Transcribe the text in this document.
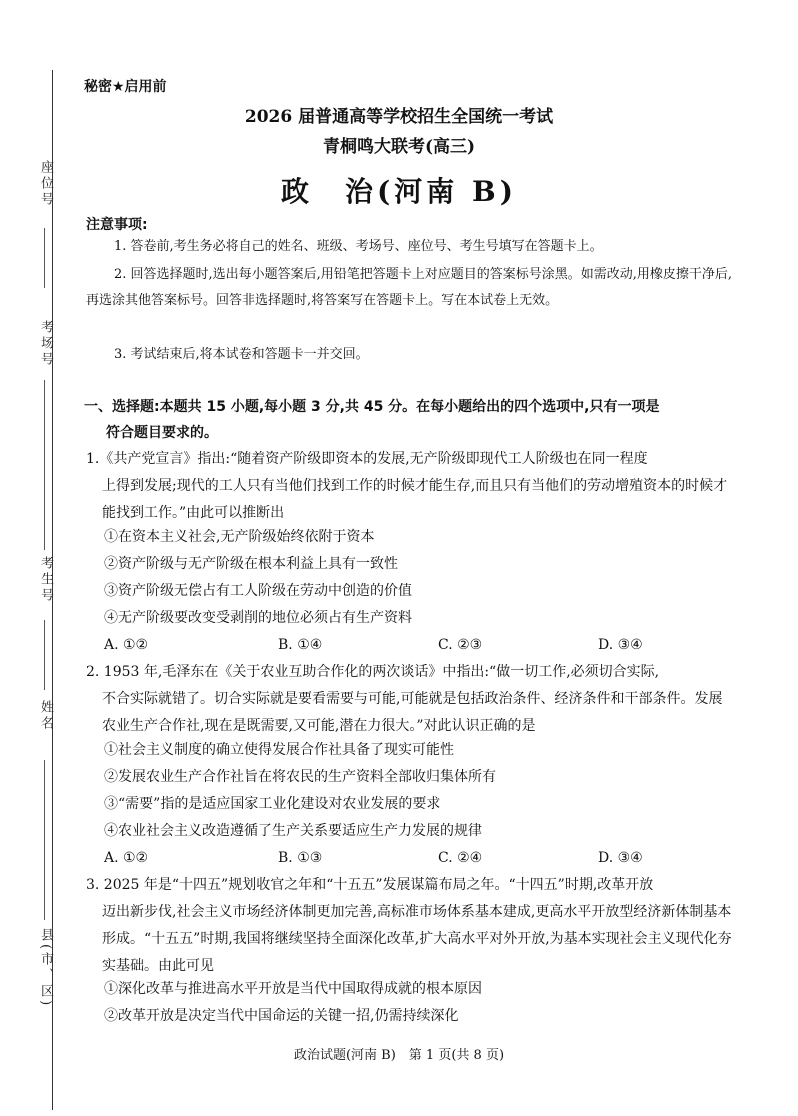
座位号
考场号
考生号
姓名
县(市、区)
秘密★启用前
2026 届普通高等学校招生全国统一考试
青桐鸣大联考(高三)
政　治(河南 B)
注意事项:
1. 答卷前,考生务必将自己的姓名、班级、考场号、座位号、考生号填写在答题卡上。
2. 回答选择题时,选出每小题答案后,用铅笔把答题卡上对应题目的答案标号涂黑。如需改动,用橡皮擦干净后,再选涂其他答案标号。回答非选择题时,将答案写在答题卡上。写在本试卷上无效。
3. 考试结束后,将本试卷和答题卡一并交回。
一、选择题:本题共 15 小题,每小题 3 分,共 45 分。在每小题给出的四个选项中,只有一项是
符合题目要求的。
1.《共产党宣言》指出:“随着资产阶级即资本的发展,无产阶级即现代工人阶级也在同一程度
上得到发展;现代的工人只有当他们找到工作的时候才能生存,而且只有当他们的劳动增殖资本的时候才能找到工作。”由此可以推断出
①在资本主义社会,无产阶级始终依附于资本
②资产阶级与无产阶级在根本利益上具有一致性
③资产阶级无偿占有工人阶级在劳动中创造的价值
④无产阶级要改变受剥削的地位必须占有生产资料
A. ①②	B. ①④	C. ②③	D. ③④
2. 1953 年,毛泽东在《关于农业互助合作化的两次谈话》中指出:“做一切工作,必须切合实际,
不合实际就错了。切合实际就是要看需要与可能,可能就是包括政治条件、经济条件和干部条件。发展农业生产合作社,现在是既需要,又可能,潜在力很大。”对此认识正确的是
①社会主义制度的确立使得发展合作社具备了现实可能性
②发展农业生产合作社旨在将农民的生产资料全部收归集体所有
③“需要”指的是适应国家工业化建设对农业发展的要求
④农业社会主义改造遵循了生产关系要适应生产力发展的规律
A. ①②	B. ①③	C. ②④	D. ③④
3. 2025 年是“十四五”规划收官之年和“十五五”发展谋篇布局之年。“十四五”时期,改革开放
迈出新步伐,社会主义市场经济体制更加完善,高标准市场体系基本建成,更高水平开放型经济新体制基本形成。“十五五”时期,我国将继续坚持全面深化改革,扩大高水平对外开放,为基本实现社会主义现代化夯实基础。由此可见
①深化改革与推进高水平开放是当代中国取得成就的根本原因
②改革开放是决定当代中国命运的关键一招,仍需持续深化
政治试题(河南 B)　第 1 页(共 8 页)
